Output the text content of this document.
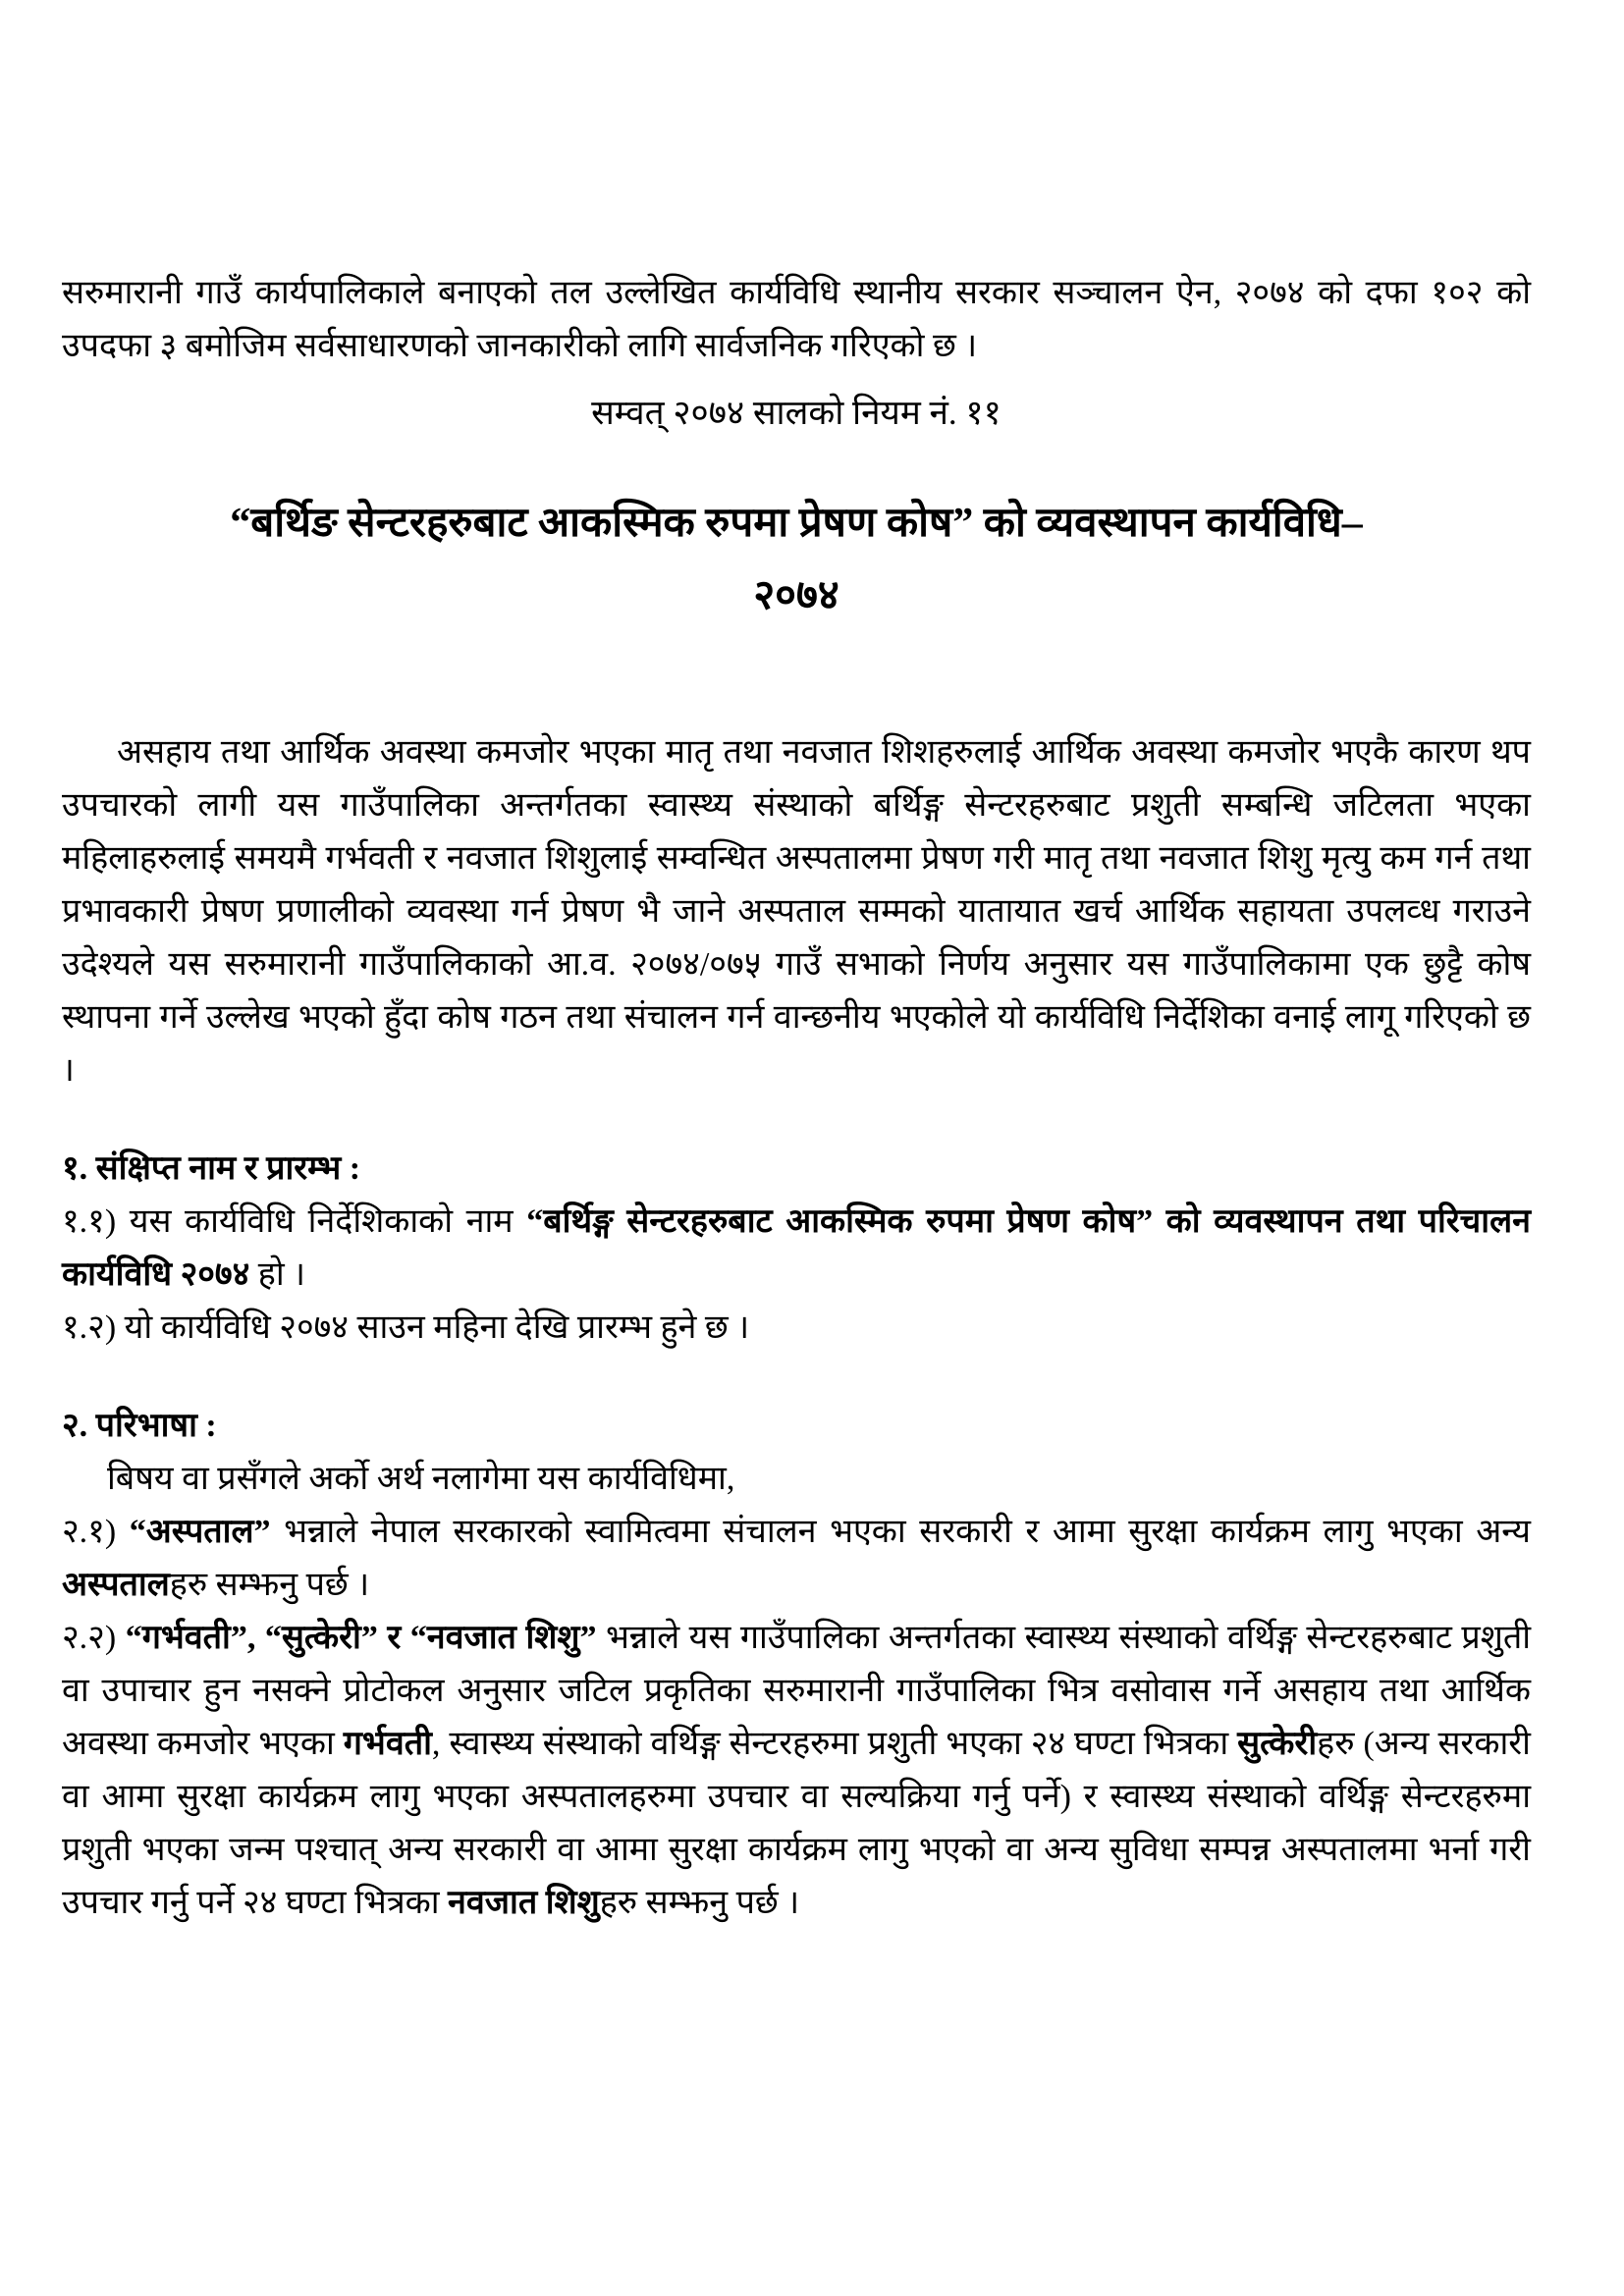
सरुमारानी गाउँ कार्यपालिकाले बनाएको तल उल्लेखित कार्यविधि स्थानीय सरकार सञ्चालन ऐन, २०७४ को दफा १०२ को उपदफा ३ बमोजिम सर्वसाधारणको जानकारीको लागि सार्वजनिक गरिएको छ ।

सम्वत् २०७४ सालको नियम नं. ११

“बर्थिङ सेन्टरहरुबाट आकस्मिक रुपमा प्रेषण कोष” को व्यवस्थापन कार्यविधि–
२०७४

असहाय तथा आर्थिक अवस्था कमजोर भएका मातृ तथा नवजात शिशहरुलाई आर्थिक अवस्था कमजोर भएकै कारण थप उपचारको लागी यस गाउँपालिका अन्तर्गतका स्वास्थ्य संस्थाको बर्थिङ्ग सेन्टरहरुबाट प्रशुती सम्बन्धि जटिलता भएका महिलाहरुलाई समयमै गर्भवती र नवजात शिशुलाई सम्वन्धित अस्पतालमा प्रेषण गरी मातृ तथा नवजात शिशु मृत्यु कम गर्न तथा प्रभावकारी प्रेषण प्रणालीको व्यवस्था गर्न प्रेषण भै जाने अस्पताल सम्मको यातायात खर्च आर्थिक सहायता उपलव्ध गराउने उदेश्यले यस सरुमारानी गाउँपालिकाको आ.व. २०७४/०७५ गाउँ सभाको निर्णय अनुसार यस गाउँपालिकामा एक छुट्टै कोष स्थापना गर्ने उल्लेख भएको हुँदा कोष गठन तथा संचालन गर्न वान्छनीय भएकोले यो कार्यविधि निर्देशिका वनाई लागू गरिएको छ ।

१. संक्षिप्त नाम र प्रारम्भ :

१.१) यस कार्यविधि निर्देशिकाको नाम “बर्थिङ्ग सेन्टरहरुबाट आकस्मिक रुपमा प्रेषण कोष” को व्यवस्थापन तथा परिचालन कार्यविधि २०७४ हो ।

१.२) यो कार्यविधि २०७४ साउन महिना देखि प्रारम्भ हुने छ ।

२. परिभाषा :

बिषय वा प्रसँगले अर्को अर्थ नलागेमा यस कार्यविधिमा,

२.१) “अस्पताल” भन्नाले नेपाल सरकारको स्वामित्वमा संचालन भएका सरकारी र आमा सुरक्षा कार्यक्रम लागु भएका अन्य अस्पतालहरु सम्झनु पर्छ ।

२.२) “गर्भवती”, “सुत्केरी” र “नवजात शिशु” भन्नाले यस गाउँपालिका अन्तर्गतका स्वास्थ्य संस्थाको वर्थिङ्ग सेन्टरहरुबाट प्रशुती वा उपाचार हुन नसक्ने प्रोटोकल अनुसार जटिल प्रकृतिका सरुमारानी गाउँपालिका भित्र वसोवास गर्ने असहाय तथा आर्थिक अवस्था कमजोर भएका गर्भवती, स्वास्थ्य संस्थाको वर्थिङ्ग सेन्टरहरुमा प्रशुती भएका २४ घण्टा भित्रका सुत्केरीहरु (अन्य सरकारी वा आमा सुरक्षा कार्यक्रम लागु भएका अस्पतालहरुमा उपचार वा सल्यक्रिया गर्नु पर्ने) र स्वास्थ्य संस्थाको वर्थिङ्ग सेन्टरहरुमा प्रशुती भएका जन्म पश्चात् अन्य सरकारी वा आमा सुरक्षा कार्यक्रम लागु भएको वा अन्य सुविधा सम्पन्न अस्पतालमा भर्ना गरी उपचार गर्नु पर्ने २४ घण्टा भित्रका नवजात शिशुहरु सम्झनु पर्छ ।
